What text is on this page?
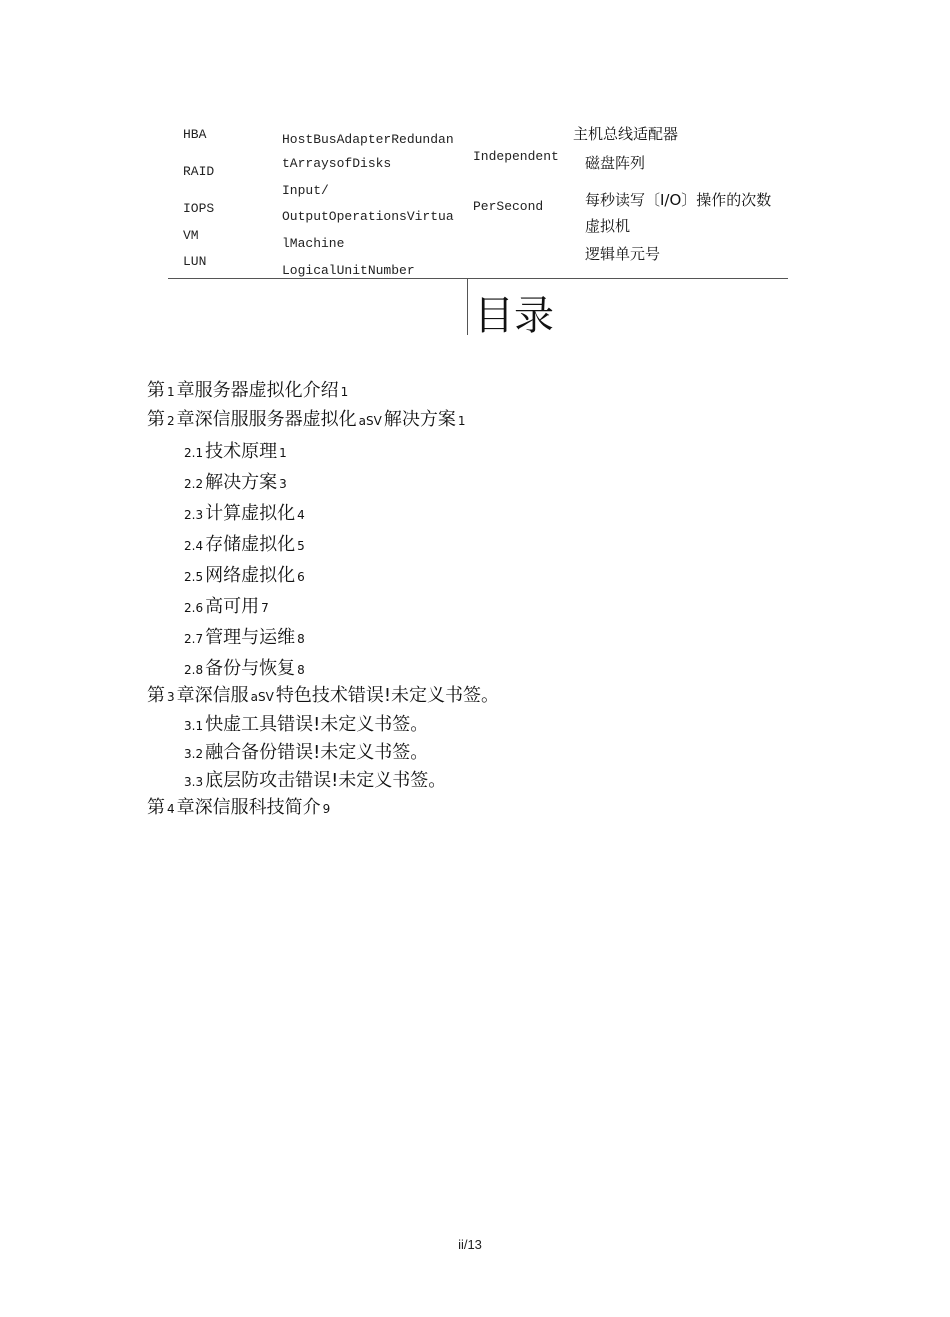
HBA
RAID
IOPS
VM
LUN
HostBusAdapterRedundan
tArraysofDisks
Input/
OutputOperationsVirtua
lMachine
LogicalUnitNumber
Independent
PerSecond
主机总线适配器
磁盘阵列
每秒读写〔I/O〕操作的次数
虚拟机
逻辑单元号
目录
第 1 章服务器虚拟化介绍 1
第 2 章深信服服务器虚拟化 aSV 解决方案 1
2.1 技术原理 1
2.2 解决方案 3
2.3 计算虚拟化 4
2.4 存储虚拟化 5
2.5 网络虚拟化 6
2.6 高可用 7
2.7 管理与运维 8
2.8 备份与恢复 8
第 3 章深信服 aSV 特色技术错误!未定义书签。
3.1 快虚工具错误!未定义书签。
3.2 融合备份错误!未定义书签。
3.3 底层防攻击错误!未定义书签。
第 4 章深信服科技简介 9
ii/13
